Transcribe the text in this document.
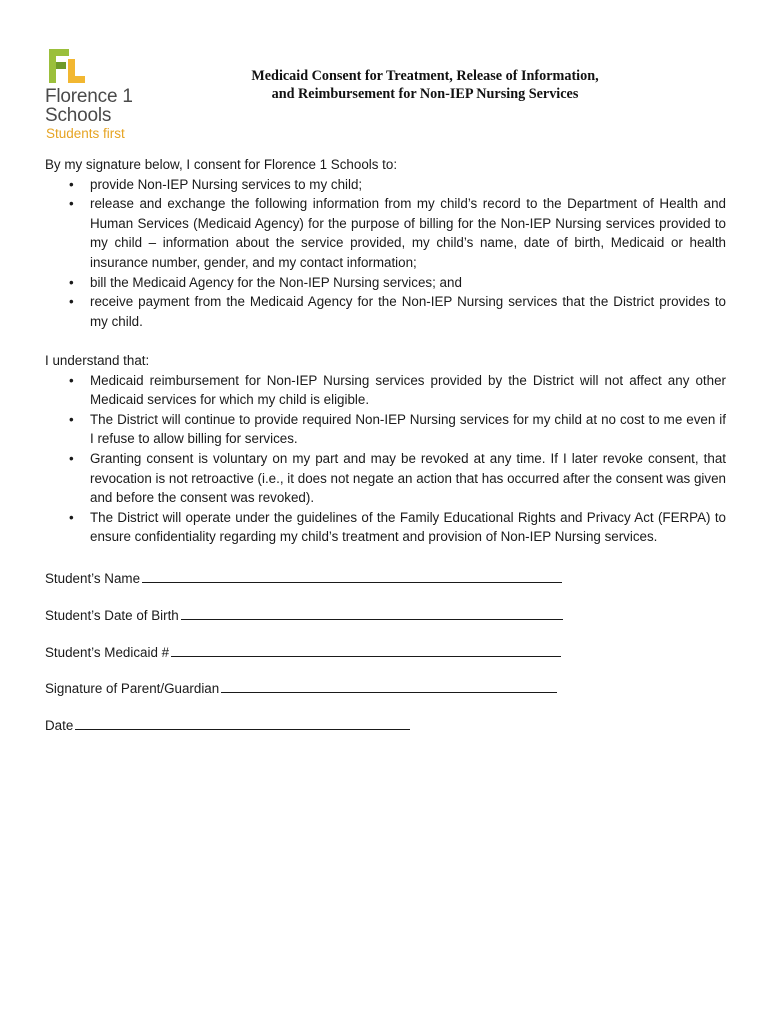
Florence 1
Schools
Students first
Medicaid Consent for Treatment, Release of Information,
and Reimbursement for Non-IEP Nursing Services

By my signature below, I consent for Florence 1 Schools to:

• provide Non-IEP Nursing services to my child;
• release and exchange the following information from my child’s record to the Department of Health and Human Services (Medicaid Agency) for the purpose of billing for the Non-IEP Nursing services provided to my child – information about the service provided, my child’s name, date of birth, Medicaid or health insurance number, gender, and my contact information;
• bill the Medicaid Agency for the Non-IEP Nursing services; and
• receive payment from the Medicaid Agency for the Non-IEP Nursing services that the District provides to my child.

I understand that:

• Medicaid reimbursement for Non-IEP Nursing services provided by the District will not affect any other Medicaid services for which my child is eligible.
• The District will continue to provide required Non-IEP Nursing services for my child at no cost to me even if I refuse to allow billing for services.
• Granting consent is voluntary on my part and may be revoked at any time. If I later revoke consent, that revocation is not retroactive (i.e., it does not negate an action that has occurred after the consent was given and before the consent was revoked).
• The District will operate under the guidelines of the Family Educational Rights and Privacy Act (FERPA) to ensure confidentiality regarding my child’s treatment and provision of Non-IEP Nursing services.
Student’s Name
Student’s Date of Birth
Student’s Medicaid #
Signature of Parent/Guardian
Date
